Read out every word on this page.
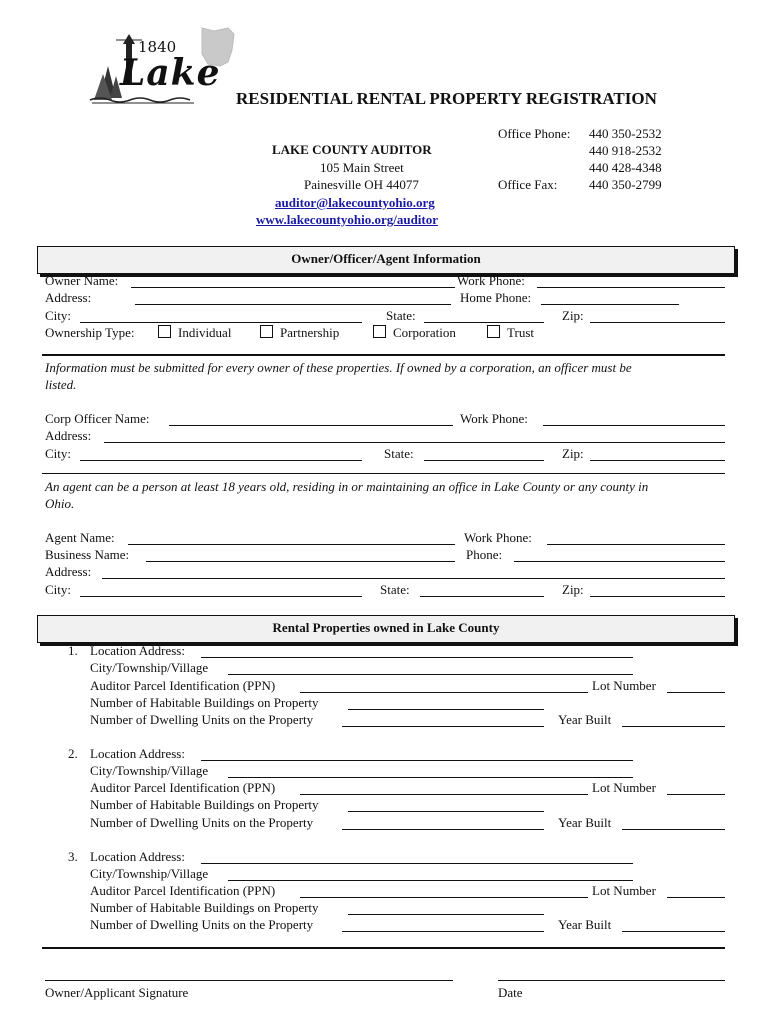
1840
Lake
RESIDENTIAL RENTAL PROPERTY REGISTRATION
LAKE COUNTY AUDITOR
105 Main Street
Painesville OH 44077
auditor@lakecountyohio.org
www.lakecountyohio.org/auditor
Office Phone: 440 350-2532
440 918-2532
440 428-4348
Office Fax: 440 350-2799
Owner/Officer/Agent Information
Owner Name:	Work Phone:
Address:	Home Phone:
City:	State:	Zip:
Ownership Type:	Individual	Partnership	Corporation	Trust
Information must be submitted for every owner of these properties. If owned by a corporation, an officer must be
listed.
Corp Officer Name:	Work Phone:
Address:
City:	State:	Zip:
An agent can be a person at least 18 years old, residing in or maintaining an office in Lake County or any county in
Ohio.
Agent Name:	Work Phone:
Business Name:	Phone:
Address:
City:	State:	Zip:
Rental Properties owned in Lake County
1. Location Address:
City/Township/Village
Auditor Parcel Identification (PPN)	Lot Number
Number of Habitable Buildings on Property
Number of Dwelling Units on the Property	Year Built
2. Location Address:
City/Township/Village
Auditor Parcel Identification (PPN)	Lot Number
Number of Habitable Buildings on Property
Number of Dwelling Units on the Property	Year Built
3. Location Address:
City/Township/Village
Auditor Parcel Identification (PPN)	Lot Number
Number of Habitable Buildings on Property
Number of Dwelling Units on the Property	Year Built
Owner/Applicant Signature	Date
